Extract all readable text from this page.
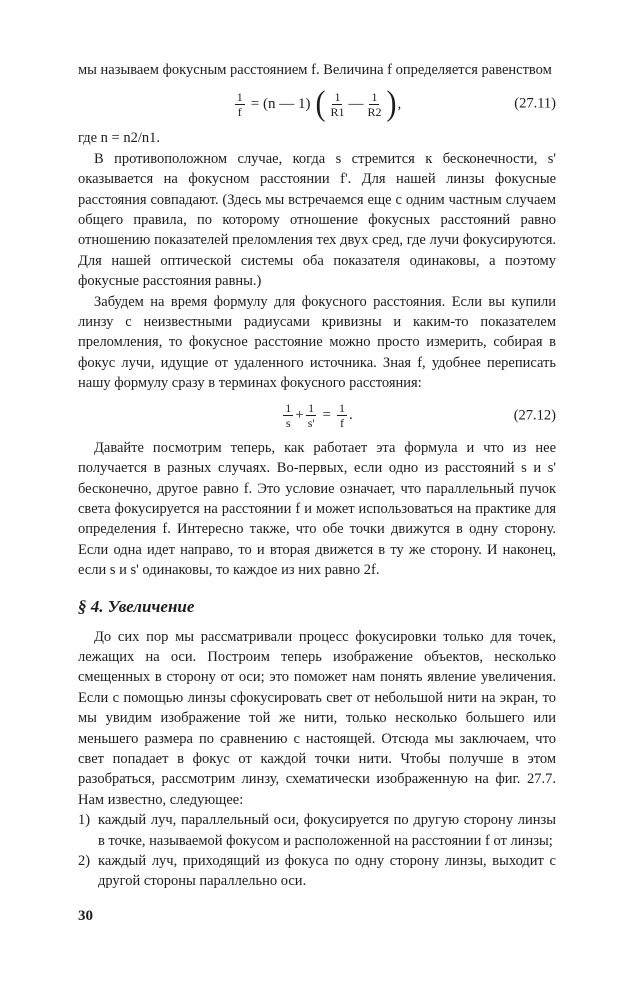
мы называем фокусным расстоянием f. Величина f определяется равенством

$\frac{1}{f} = (n$ — 1) ( $\frac{1}{R1}$ — $\frac{1}{R2}$ ) ,	(27.11)

где n = n2/n1.

В противоположном случае, когда s стремится к бесконечности, s' оказывается на фокусном расстоянии f'. Для нашей линзы фокусные расстояния совпадают. (Здесь мы встречаемся еще с одним частным случаем общего правила, по которому отношение фокусных расстояний равно отношению показателей преломления тех двух сред, где лучи фокусируются. Для нашей оптической системы оба показателя одинаковы, а поэтому фокусные расстояния равны.)

Забудем на время формулу для фокусного расстояния. Если вы купили линзу с неизвестными радиусами кривизны и каким-то показателем преломления, то фокусное расстояние можно просто измерить, собирая в фокус лучи, идущие от удаленного источника. Зная f, удобнее переписать нашу формулу сразу в терминах фокусного расстояния:

$\frac{1}{s} + \frac{1}{s'} = \frac{1}{f}$ .	(27.12)

Давайте посмотрим теперь, как работает эта формула и что из нее получается в разных случаях. Во-первых, если одно из расстояний s и s' бесконечно, другое равно f. Это условие означает, что параллельный пучок света фокусируется на расстоянии f и может использоваться на практике для определения f. Интересно также, что обе точки движутся в одну сторону. Если одна идет направо, то и вторая движется в ту же сторону. И наконец, если s и s' одинаковы, то каждое из них равно 2f.

§ 4. Увеличение

До сих пор мы рассматривали процесс фокусировки только для точек, лежащих на оси. Построим теперь изображение объектов, несколько смещенных в сторону от оси; это поможет нам понять явление увеличения. Если с помощью линзы сфокусировать свет от небольшой нити на экран, то мы увидим изображение той же нити, только несколько большего или меньшего размера по сравнению с настоящей. Отсюда мы заключаем, что свет попадает в фокус от каждой точки нити. Чтобы получше в этом разобраться, рассмотрим линзу, схематически изображенную на фиг. 27.7. Нам известно, следующее:

1) каждый луч, параллельный оси, фокусируется по другую сторону линзы в точке, называемой фокусом и расположенной на расстоянии f от линзы;
2) каждый луч, приходящий из фокуса по одну сторону линзы, выходит с другой стороны параллельно оси.
30
